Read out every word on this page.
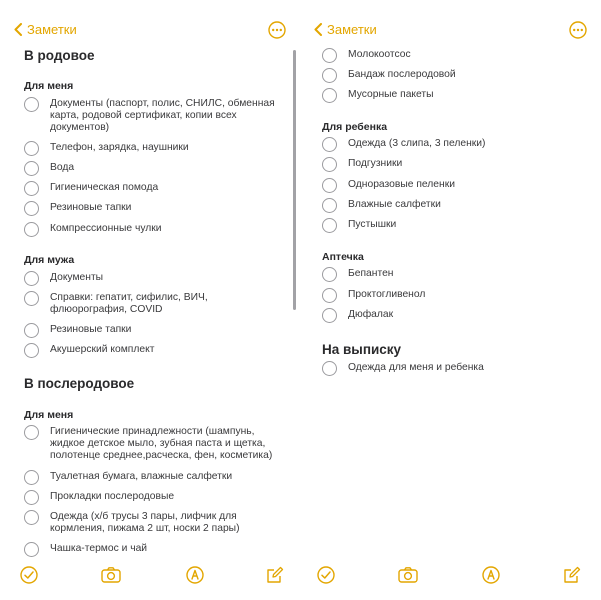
Заметки
В родовое
Для меня
Документы (паспорт, полис, СНИЛС, обменная карта, родовой сертификат, копии всех документов)
Телефон, зарядка, наушники
Вода
Гигиеническая помода
Резиновые тапки
Компрессионные чулки
Для мужа
Документы
Справки: гепатит, сифилис, ВИЧ, флюорография, COVID
Резиновые тапки
Акушерский комплект
В послеродовое
Для меня
Гигиенические принадлежности (шампунь, жидкое детское мыло, зубная паста и щетка, полотенце среднее,расческа, фен, косметика)
Туалетная бумага, влажные салфетки
Прокладки послеродовые
Одежда (х/б трусы 3 пары, лифчик для кормления, пижама 2 шт, носки 2 пары)
Чашка-термос и чай
Заметки
Молокоотсос
Бандаж послеродовой
Мусорные пакеты
Для ребенка
Одежда (3 слипа, 3 пеленки)
Подгузники
Одноразовые пеленки
Влажные салфетки
Пустышки
Аптечка
Бепантен
Проктогливенол
Дюфалак
На выписку
Одежда для меня и ребенка
